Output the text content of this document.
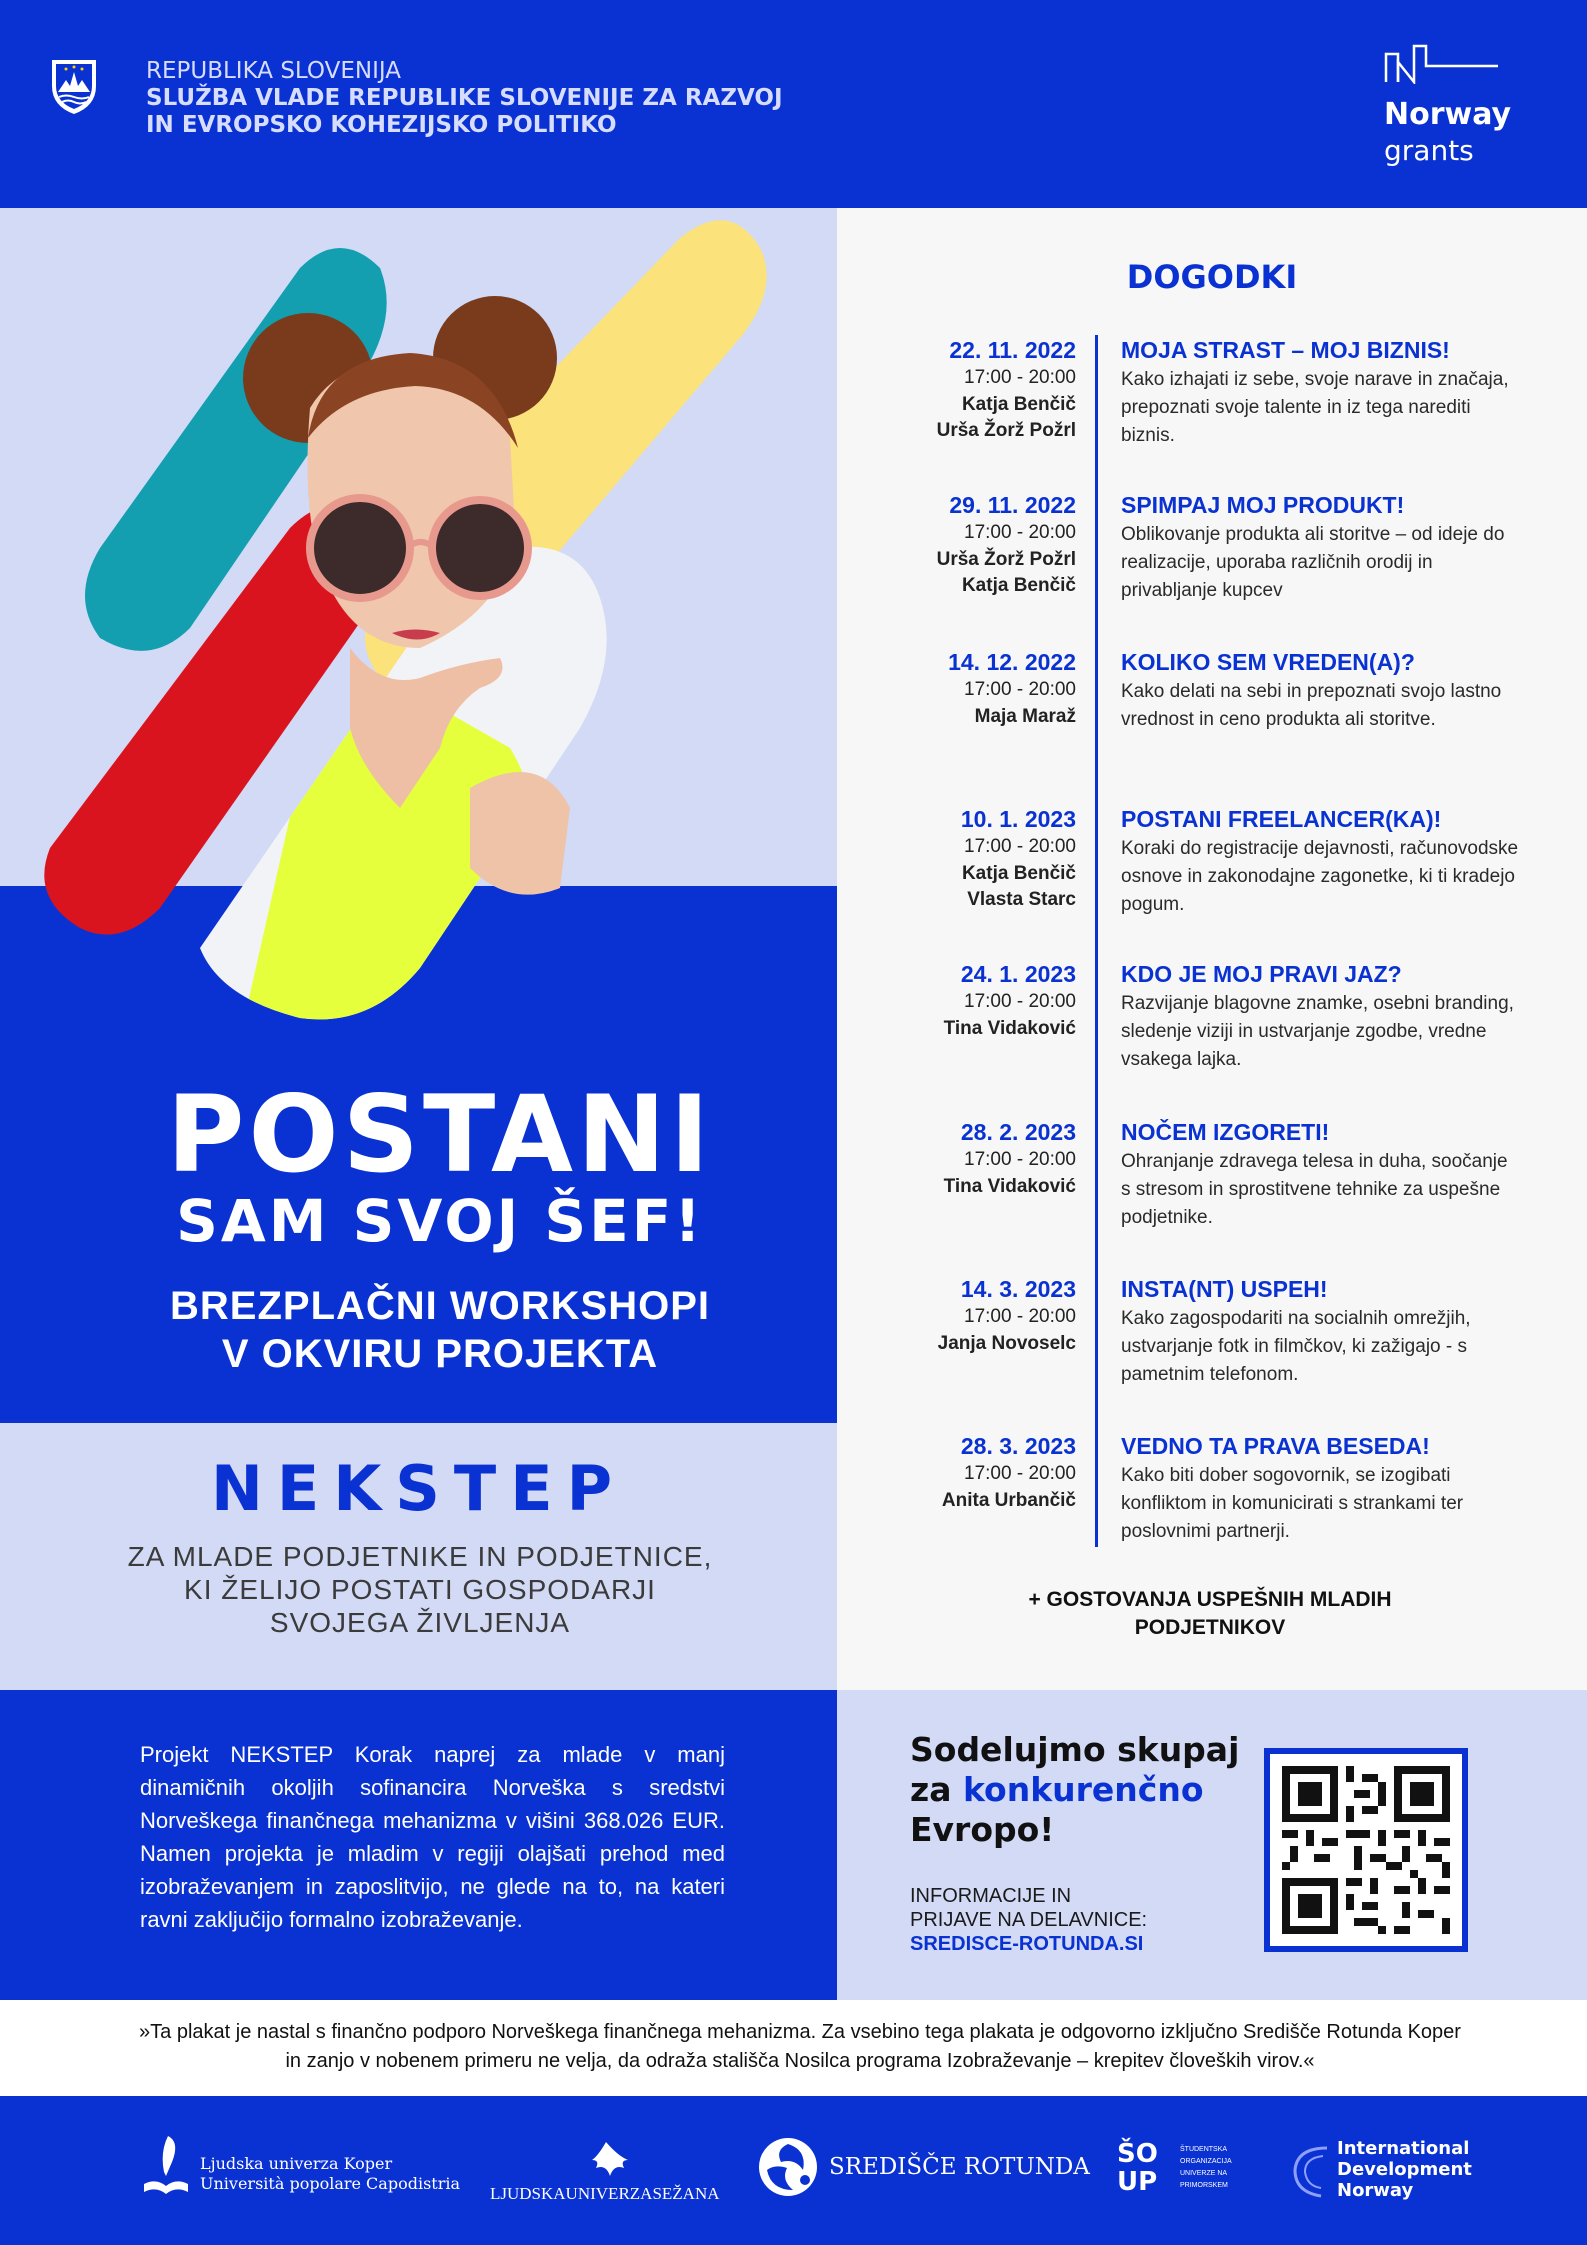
REPUBLIKA SLOVENIJA
SLUŽBA VLADE REPUBLIKE SLOVENIJE ZA RAZVOJ
IN EVROPSKO KOHEZIJSKO POLITIKO	Norway
grants
POSTANI
SAM SVOJ ŠEF!
BREZPLAČNI WORKSHOPI
V OKVIRU PROJEKTA
NEKSTEP
ZA MLADE PODJETNIKE IN PODJETNICE,
KI ŽELIJO POSTATI GOSPODARJI
SVOJEGA ŽIVLJENJA
DOGODKI
22. 11. 2022
17:00 - 20:00
Katja Benčič
Urša Žorž Požrl
MOJA STRAST – MOJ BIZNIS!
Kako izhajati iz sebe, svoje narave in značaja, prepoznati svoje talente in iz tega narediti biznis.
29. 11. 2022
17:00 - 20:00
Urša Žorž Požrl
Katja Benčič
SPIMPAJ MOJ PRODUKT!
Oblikovanje produkta ali storitve – od ideje do realizacije, uporaba različnih orodij in privabljanje kupcev
14. 12. 2022
17:00 - 20:00
Maja Maraž
KOLIKO SEM VREDEN(A)?
Kako delati na sebi in prepoznati svojo lastno vrednost in ceno produkta ali storitve.
10. 1. 2023
17:00 - 20:00
Katja Benčič
Vlasta Starc
POSTANI FREELANCER(KA)!
Koraki do registracije dejavnosti, računovodske osnove in zakonodajne zagonetke, ki ti kradejo pogum.
24. 1. 2023
17:00 - 20:00
Tina Vidaković
KDO JE MOJ PRAVI JAZ?
Razvijanje blagovne znamke, osebni branding, sledenje viziji in ustvarjanje zgodbe, vredne vsakega lajka.
28. 2. 2023
17:00 - 20:00
Tina Vidaković
NOČEM IZGORETI!
Ohranjanje zdravega telesa in duha, soočanje s stresom in sprostitvene tehnike za uspešne podjetnike.
14. 3. 2023
17:00 - 20:00
Janja Novoselc
INSTA(NT) USPEH!
Kako zagospodariti na socialnih omrežjih, ustvarjanje fotk in filmčkov, ki zažigajo - s pametnim telefonom.
28. 3. 2023
17:00 - 20:00
Anita Urbančič
VEDNO TA PRAVA BESEDA!
Kako biti dober sogovornik, se izogibati konfliktom in komunicirati s strankami ter poslovnimi partnerji.
+ GOSTOVANJA USPEŠNIH MLADIH
PODJETNIKOV
Projekt NEKSTEP Korak naprej za mlade v manj dinamičnih okoljih sofinancira Norveška s sredstvi Norveškega finančnega mehanizma v višini 368.026 EUR. Namen projekta je mladim v regiji olajšati prehod med izobraževanjem in zaposlitvijo, ne glede na to, na kateri ravni zaključijo formalno izobraževanje.
Sodelujmo skupaj
za konkurenčno
Evropo!
INFORMACIJE IN
PRIJAVE NA DELAVNICE:
SREDISCE-ROTUNDA.SI
»Ta plakat je nastal s finančno podporo Norveškega finančnega mehanizma. Za vsebino tega plakata je odgovorno izključno Središče Rotunda Koper in zanjo v nobenem primeru ne velja, da odraža stališča Nosilca programa Izobraževanje – krepitev človeških virov.«
Ljudska univerza Koper
Università popolare Capodistria
LJUDSKAUNIVERZASEŽANA
SREDIŠČE ROTUNDA ŠO
UP
ŠTUDENTSKA ORGANIZACIJA UNIVERZE NA PRIMORSKEM
International
Development
Norway
